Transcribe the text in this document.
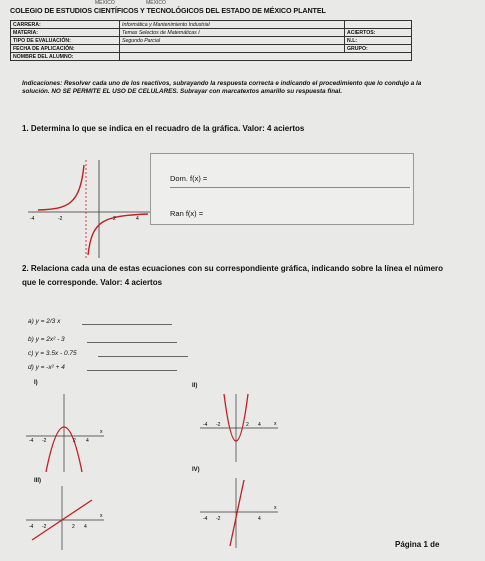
MÉXICO	MÉXICO
COLEGIO DE ESTUDIOS CIENTÍFICOS Y TECNOLÓGICOS DEL ESTADO DE MÉXICO PLANTEL
CARRERA:	Informática y Mantenimiento Industrial	
MATERIA:	Temas Selectos de Matemáticas I	ACIERTOS:
TIPO DE EVALUACIÓN:	Segundo Parcial	N.L:
FECHA DE APLICACIÓN:		GRUPO:
NOMBRE DEL ALUMNO:		
Indicaciones: Resolver cada uno de los reactivos, subrayando la respuesta correcta e indicando el procedimiento que lo condujo a la solución. NO SE PERMITE EL USO DE CELULARES. Subrayar con marcatextos amarillo su respuesta final.
1. Determina lo que se indica en el recuadro de la gráfica. Valor: 4 aciertos
-4	-2	2	4
Dom. f(x) =
Ran f(x) =
2. Relaciona cada una de estas ecuaciones con su correspondiente gráfica, indicando sobre la línea el número que le corresponde. Valor: 4 aciertos
a) y = 2/3 x
b) y = 2x² - 3
c) y = 3.5x - 0.75
d) y = -x² + 4
I)	II)
III)
IV)
-4 -2	2 4
x
-4 -2	2 4	x
-4 -2	2 4
x	-4 -2	4
x
Página 1 de
